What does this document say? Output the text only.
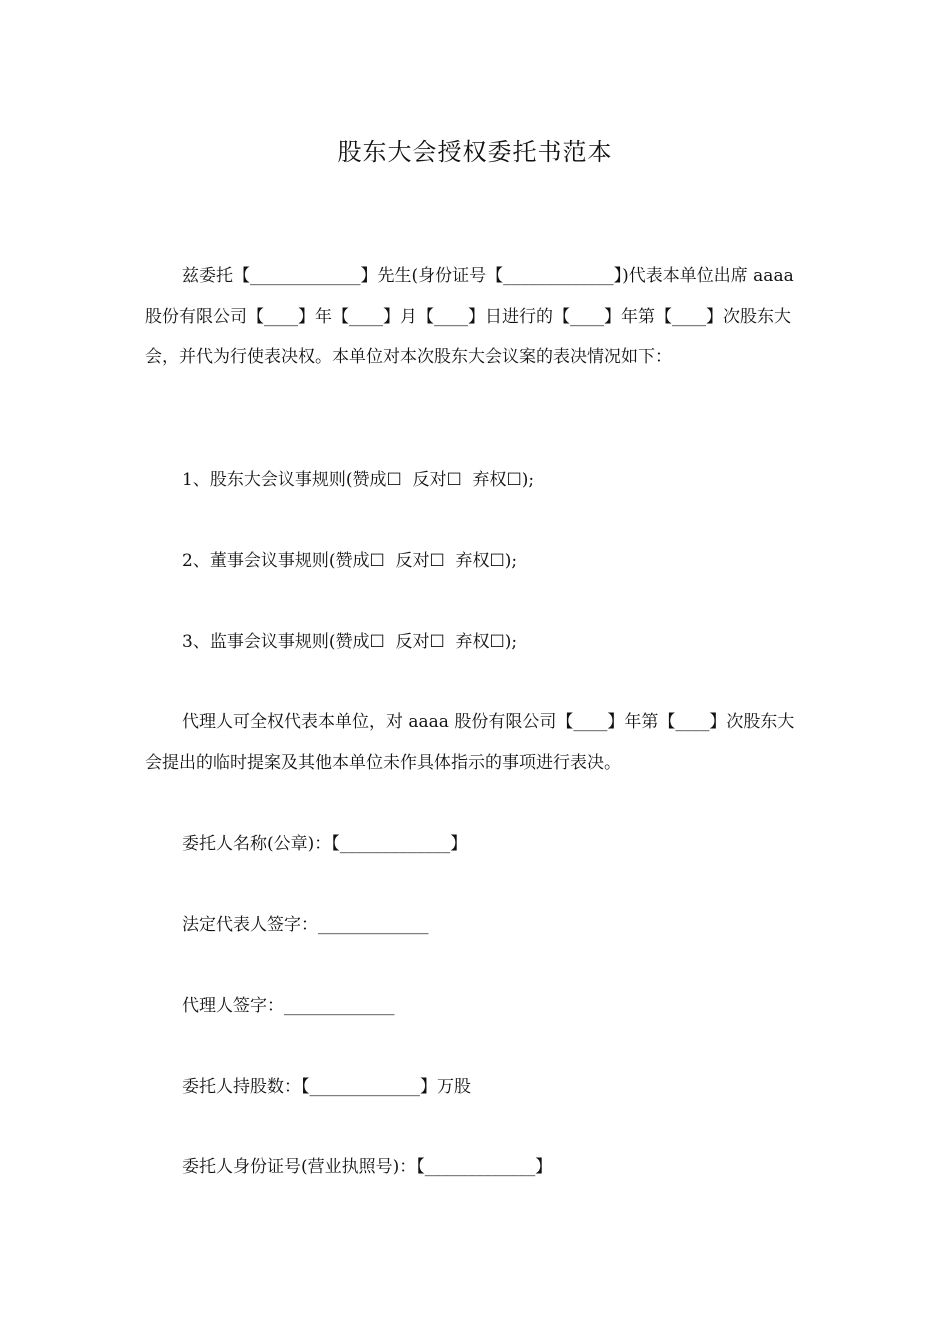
股东大会授权委托书范本

兹委托【_____________】先生(身份证号【_____________】)代表本单位出席 aaaa 股份有限公司【____】年【____】月【____】日进行的【____】年第【____】次股东大会，并代为行使表决权。本单位对本次股东大会议案的表决情况如下：

1、股东大会议事规则(赞成☐  反对☐  弃权☐);
2、董事会议事规则(赞成☐  反对☐  弃权☐);
3、监事会议事规则(赞成☐  反对☐  弃权☐);

代理人可全权代表本单位，对 aaaa 股份有限公司【____】年第【____】次股东大会提出的临时提案及其他本单位未作具体指示的事项进行表决。

委托人名称(公章)：【_____________】
法定代表人签字：_____________
代理人签字：_____________
委托人持股数：【_____________】万股
委托人身份证号(营业执照号)：【_____________】
